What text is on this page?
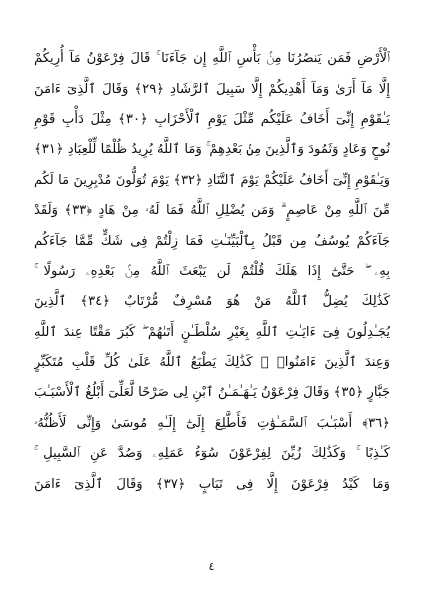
ٱلْأَرْضِ فَمَن يَنصُرُنَا مِنۢ بَأْسِ ٱللَّهِ إِن جَآءَنَا ۚ قَالَ فِرْعَوْنُ مَآ أُرِيكُمْ
إِلَّا مَآ أَرَىٰ وَمَآ أَهْدِيكُمْ إِلَّا سَبِيلَ ٱلرَّشَادِ ﴿٢٩﴾ وَقَالَ ٱلَّذِىٓ ءَامَنَ
يَـٰقَوْمِ إِنِّىٓ أَخَافُ عَلَيْكُم مِّثْلَ يَوْمِ ٱلْأَحْزَابِ ﴿٣٠﴾ مِثْلَ دَأْبِ قَوْمِ
نُوحٍ وَعَادٍ وَثَمُودَ وَٱلَّذِينَ مِنۢ بَعْدِهِمْ ۚ وَمَا ٱللَّهُ يُرِيدُ ظُلْمًا لِّلْعِبَادِ ﴿٣١﴾
وَيَـٰقَوْمِ إِنِّىٓ أَخَافُ عَلَيْكُمْ يَوْمَ ٱلتَّنَادِ ﴿٣٢﴾ يَوْمَ تُوَلُّونَ مُدْبِرِينَ مَا لَكُم
مِّنَ ٱللَّهِ مِنْ عَاصِمٍ ۗ وَمَن يُضْلِلِ ٱللَّهُ فَمَا لَهُۥ مِنْ هَادٍ ﴿٣٣﴾ وَلَقَدْ
جَآءَكُمْ يُوسُفُ مِن قَبْلُ بِٱلْبَيِّنَـٰتِ فَمَا زِلْتُمْ فِى شَكٍّ مِّمَّا جَآءَكُم
بِهِۦ ۖ حَتَّىٰٓ إِذَا هَلَكَ قُلْتُمْ لَن يَبْعَثَ ٱللَّهُ مِنۢ بَعْدِهِۦ رَسُولًا ۚ
كَذَٰلِكَ يُضِلُّ ٱللَّهُ مَنْ هُوَ مُسْرِفٌ مُّرْتَابٌ ﴿٣٤﴾ ٱلَّذِينَ
يُجَـٰدِلُونَ فِىٓ ءَايَـٰتِ ٱللَّهِ بِغَيْرِ سُلْطَـٰنٍ أَتَىٰهُمْ ۖ كَبُرَ مَقْتًا عِندَ ٱللَّهِ
وَعِندَ ٱلَّذِينَ ءَامَنُوا۟ ۚ كَذَٰلِكَ يَطْبَعُ ٱللَّهُ عَلَىٰ كُلِّ قَلْبِ مُتَكَبِّرٍ
جَبَّارٍ ﴿٣٥﴾ وَقَالَ فِرْعَوْنُ يَـٰهَـٰمَـٰنُ ٱبْنِ لِى صَرْحًا لَّعَلِّىٓ أَبْلُغُ ٱلْأَسْبَـٰبَ
﴿٣٦﴾ أَسْبَـٰبَ ٱلسَّمَـٰوَٰتِ فَأَطَّلِعَ إِلَىٰٓ إِلَـٰهِ مُوسَىٰ وَإِنِّى لَأَظُنُّهُۥ
كَـٰذِبًا ۚ وَكَذَٰلِكَ زُيِّنَ لِفِرْعَوْنَ سُوٓءُ عَمَلِهِۦ وَصُدَّ عَنِ ٱلسَّبِيلِ ۚ
وَمَا كَيْدُ فِرْعَوْنَ إِلَّا فِى تَبَابٍ ﴿٣٧﴾ وَقَالَ ٱلَّذِىٓ ءَامَنَ
٤
